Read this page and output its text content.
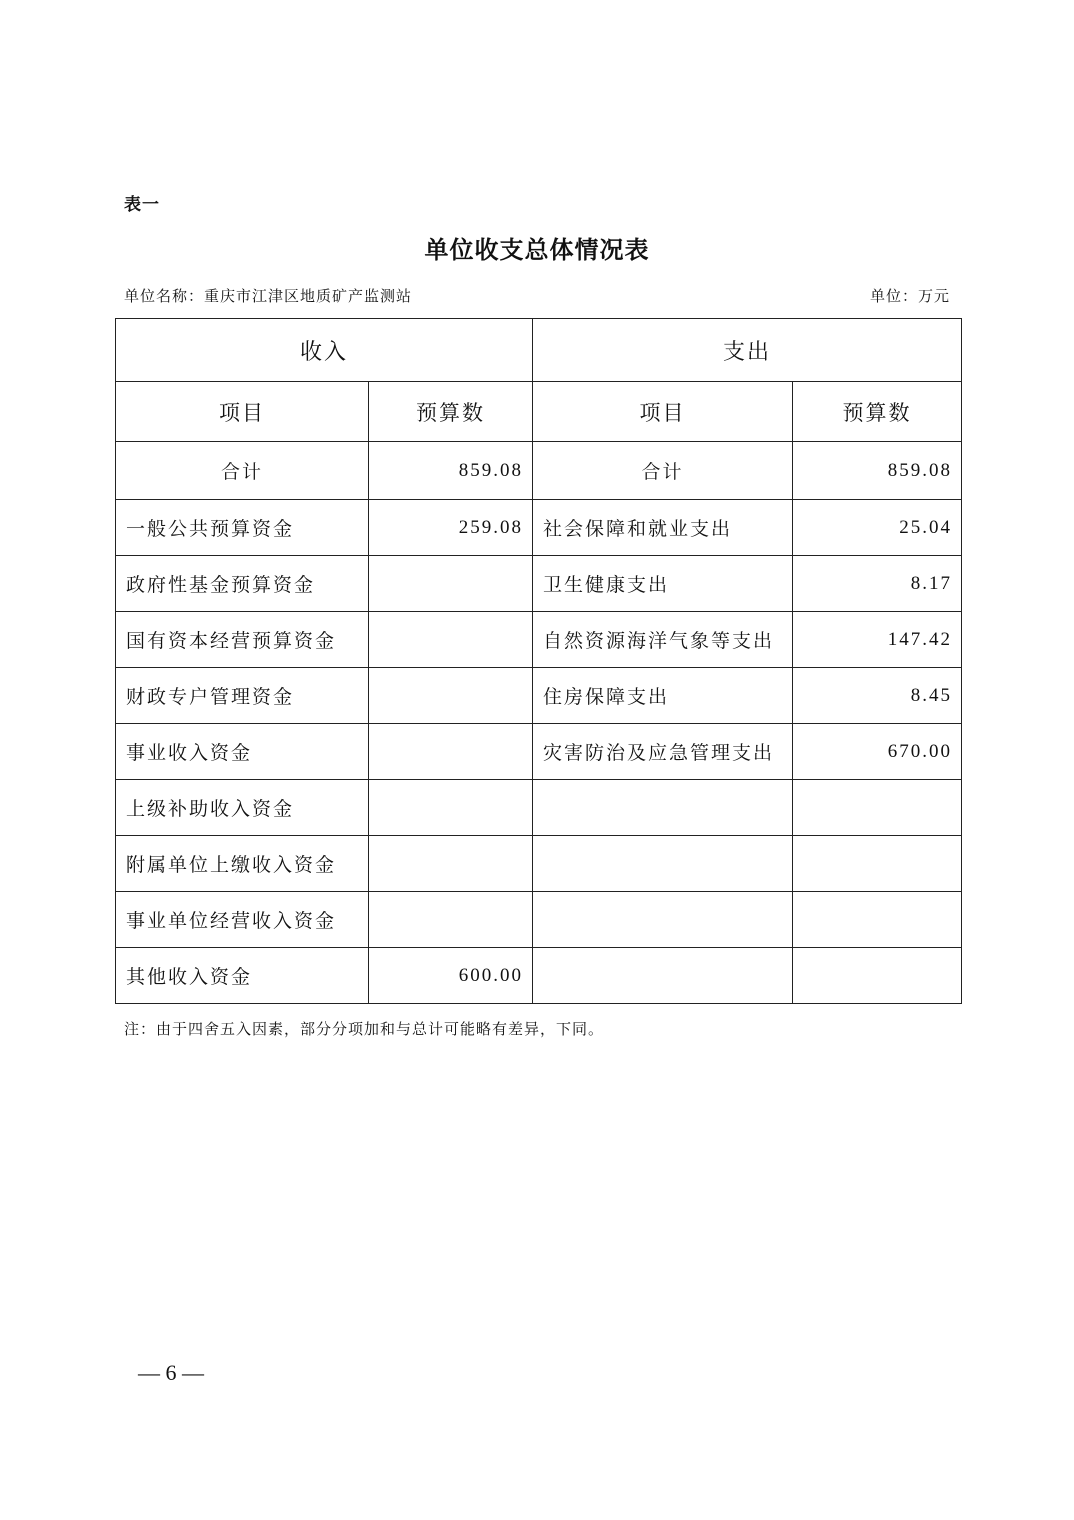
表一
单位收支总体情况表
单位名称：重庆市江津区地质矿产监测站	单位：万元
收入		支出	
项目	预算数	项目	预算数
合计	859.08	合计	859.08
一般公共预算资金	259.08	社会保障和就业支出	25.04
政府性基金预算资金		卫生健康支出	8.17
国有资本经营预算资金		自然资源海洋气象等支出	147.42
财政专户管理资金		住房保障支出	8.45
事业收入资金		灾害防治及应急管理支出	670.00
上级补助收入资金			
附属单位上缴收入资金			
事业单位经营收入资金			
其他收入资金	600.00		
注：由于四舍五入因素，部分分项加和与总计可能略有差异，下同。
— 6 —
